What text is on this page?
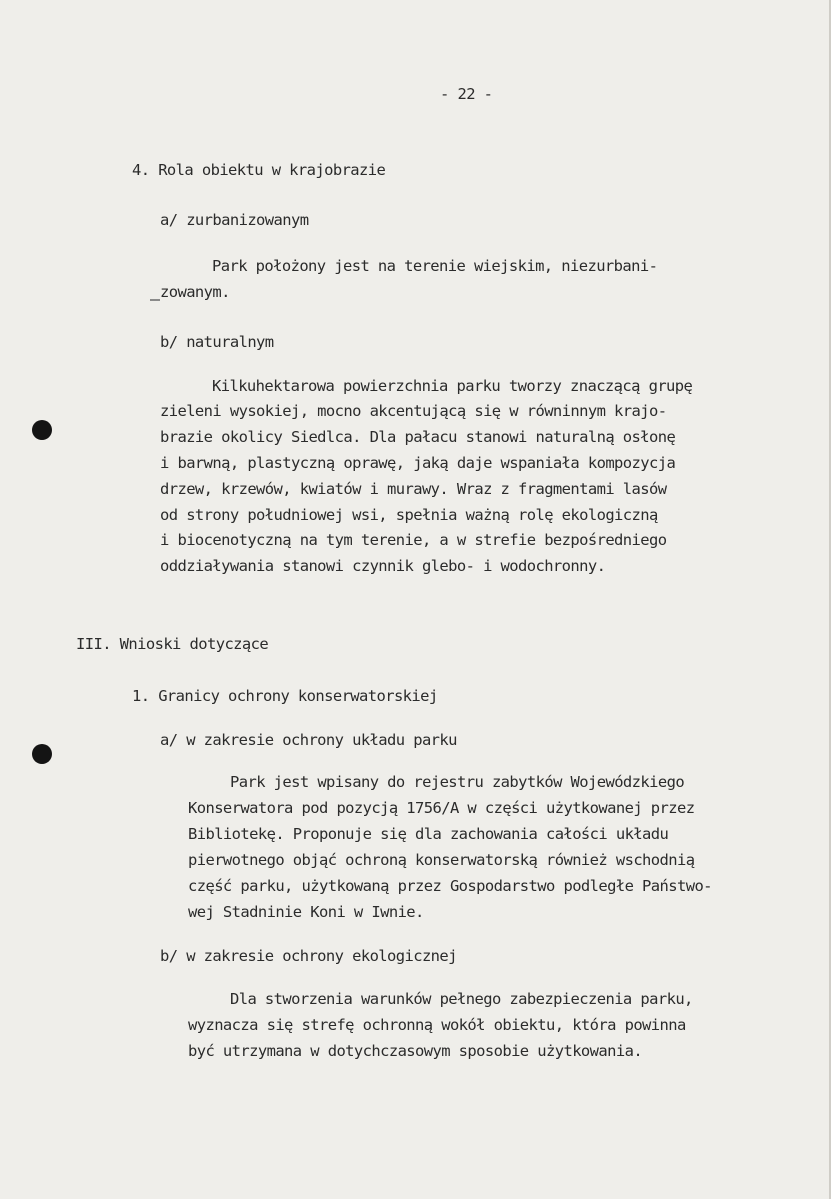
- 22 -
4. Rola obiektu w krajobrazie
a/ zurbanizowanym
Park położony jest na terenie wiejskim, niezurbani-
zowanym.
b/ naturalnym
Kilkuhektarowa powierzchnia parku tworzy znaczącą grupę
zieleni wysokiej, mocno akcentującą się w równinnym krajo-
brazie okolicy Siedlca. Dla pałacu stanowi naturalną osłonę
i barwną, plastyczną oprawę, jaką daje wspaniała kompozycja
drzew, krzewów, kwiatów i murawy. Wraz z fragmentami lasów
od strony południowej wsi, spełnia ważną rolę ekologiczną
i biocenotyczną na tym terenie, a w strefie bezpośredniego
oddziaływania stanowi czynnik glebo- i wodochronny.
III. Wnioski dotyczące
1. Granicy ochrony konserwatorskiej
a/ w zakresie ochrony układu parku
Park jest wpisany do rejestru zabytków Wojewódzkiego
Konserwatora pod pozycją 1756/A w części użytkowanej przez
Bibliotekę. Proponuje się dla zachowania całości układu
pierwotnego objąć ochroną konserwatorską również wschodnią
część parku, użytkowaną przez Gospodarstwo podległe Państwo-
wej Stadninie Koni w Iwnie.
b/ w zakresie ochrony ekologicznej
Dla stworzenia warunków pełnego zabezpieczenia parku,
wyznacza się strefę ochronną wokół obiektu, która powinna
być utrzymana w dotychczasowym sposobie użytkowania.
